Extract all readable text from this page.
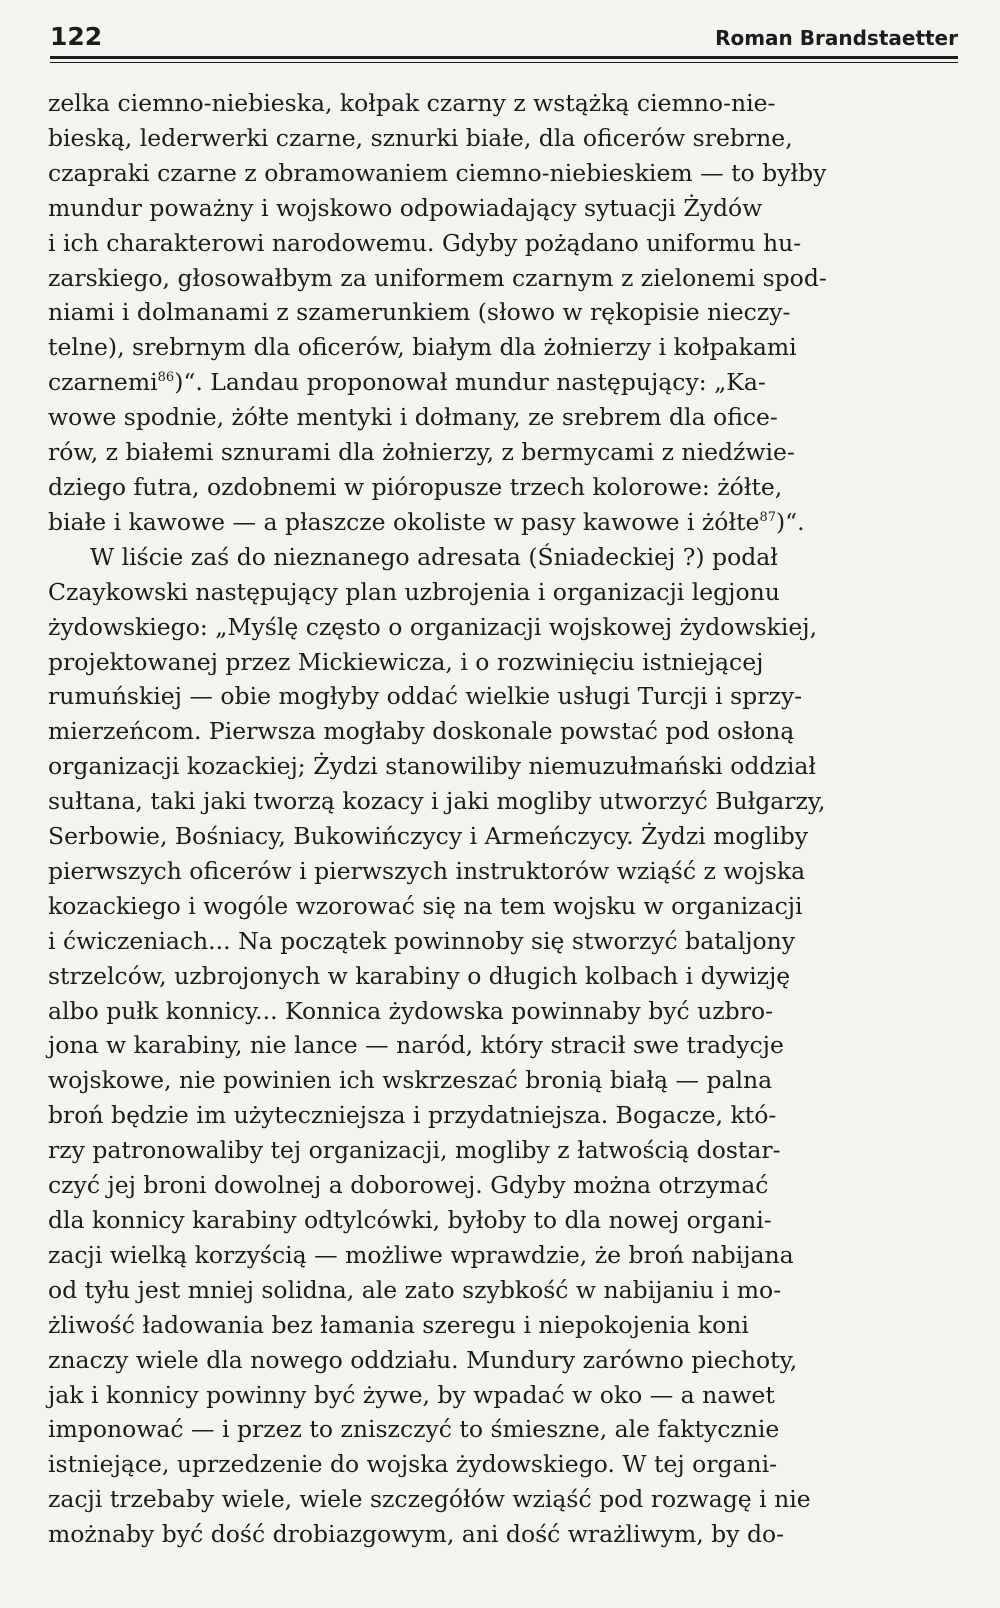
122	Roman Brandstaetter

zelka ciemno-niebieska, kołpak czarny z wstążką ciemno-nie-
bieską, lederwerki czarne, sznurki białe, dla oficerów srebrne,
czapraki czarne z obramowaniem ciemno-niebieskiem — to byłby
mundur poważny i wojskowo odpowiadający sytuacji Żydów
i ich charakterowi narodowemu. Gdyby pożądano uniformu hu-
zarskiego, głosowałbym za uniformem czarnym z zielonemi spod-
niami i dolmanami z szamerunkiem (słowo w rękopisie nieczy-
telne), srebrnym dla oficerów, białym dla żołnierzy i kołpakami
czarnemi$^{86}$)“. Landau proponował mundur następujący: „Ka-
wowe spodnie, żółte mentyki i dołmany, ze srebrem dla ofice-
rów, z białemi sznurami dla żołnierzy, z bermycami z niedźwie-
dziego futra, ozdobnemi w pióropusze trzech kolorowe: żółte,
białe i kawowe — a płaszcze okoliste w pasy kawowe i żółte$^{87}$)“.

W liście zaś do nieznanego adresata (Śniadeckiej ?) podał
Czaykowski następujący plan uzbrojenia i organizacji legjonu
żydowskiego: „Myślę często o organizacji wojskowej żydowskiej,
projektowanej przez Mickiewicza, i o rozwinięciu istniejącej
rumuńskiej — obie mogłyby oddać wielkie usługi Turcji i sprzy-
mierzeńcom. Pierwsza mogłaby doskonale powstać pod osłoną
organizacji kozackiej; Żydzi stanowiliby niemuzułmański oddział
sułtana, taki jaki tworzą kozacy i jaki mogliby utworzyć Bułgarzy,
Serbowie, Bośniacy, Bukowińczycy i Armeńczycy. Żydzi mogliby
pierwszych oficerów i pierwszych instruktorów wziąść z wojska
kozackiego i wogóle wzorować się na tem wojsku w organizacji
i ćwiczeniach... Na początek powinnoby się stworzyć bataljony
strzelców, uzbrojonych w karabiny o długich kolbach i dywizję
albo pułk konnicy... Konnica żydowska powinnaby być uzbro-
jona w karabiny, nie lance — naród, który stracił swe tradycje
wojskowe, nie powinien ich wskrzeszać bronią białą — palna
broń będzie im użyteczniejsza i przydatniejsza. Bogacze, któ-
rzy patronowaliby tej organizacji, mogliby z łatwością dostar-
czyć jej broni dowolnej a doborowej. Gdyby można otrzymać
dla konnicy karabiny odtylcówki, byłoby to dla nowej organi-
zacji wielką korzyścią — możliwe wprawdzie, że broń nabijana
od tyłu jest mniej solidna, ale zato szybkość w nabijaniu i mo-
żliwość ładowania bez łamania szeregu i niepokojenia koni
znaczy wiele dla nowego oddziału. Mundury zarówno piechoty,
jak i konnicy powinny być żywe, by wpadać w oko — a nawet
imponować — i przez to zniszczyć to śmieszne, ale faktycznie
istniejące, uprzedzenie do wojska żydowskiego. W tej organi-
zacji trzebaby wiele, wiele szczegółów wziąść pod rozwagę i nie
możnaby być dość drobiazgowym, ani dość wrażliwym, by do-
